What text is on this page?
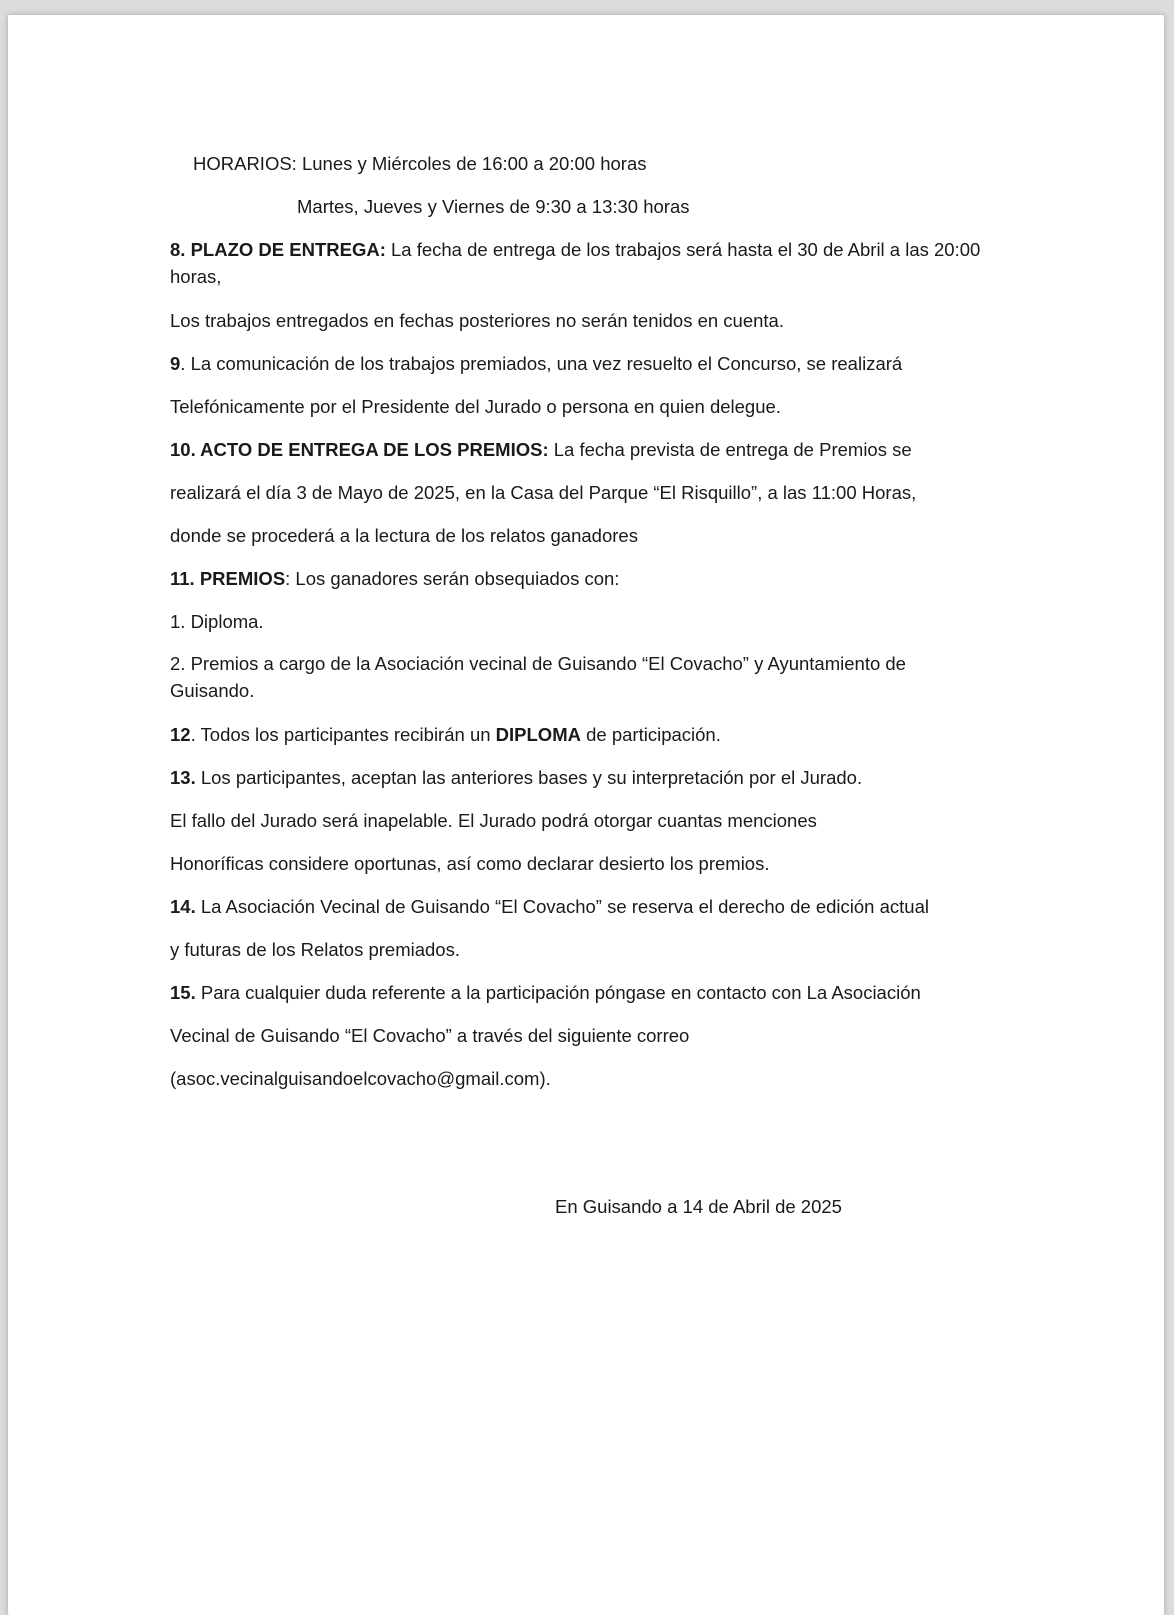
HORARIOS: Lunes y Miércoles de 16:00 a 20:00 horas
Martes, Jueves y Viernes de 9:30 a 13:30 horas
8. PLAZO DE ENTREGA: La fecha de entrega de los trabajos será hasta el 30 de Abril a las 20:00
horas,
Los trabajos entregados en fechas posteriores no serán tenidos en cuenta.
9. La comunicación de los trabajos premiados, una vez resuelto el Concurso, se realizará
Telefónicamente por el Presidente del Jurado o persona en quien delegue.
10. ACTO DE ENTREGA DE LOS PREMIOS: La fecha prevista de entrega de Premios se
realizará el día 3 de Mayo de 2025, en la Casa del Parque “El Risquillo”, a las 11:00 Horas,
donde se procederá a la lectura de los relatos ganadores
11. PREMIOS: Los ganadores serán obsequiados con:
1. Diploma.
2. Premios a cargo de la Asociación vecinal de Guisando “El Covacho” y Ayuntamiento de
Guisando.
12. Todos los participantes recibirán un DIPLOMA de participación.
13. Los participantes, aceptan las anteriores bases y su interpretación por el Jurado.
El fallo del Jurado será inapelable. El Jurado podrá otorgar cuantas menciones
Honoríficas considere oportunas, así como declarar desierto los premios.
14. La Asociación Vecinal de Guisando “El Covacho” se reserva el derecho de edición actual
y futuras de los Relatos premiados.
15. Para cualquier duda referente a la participación póngase en contacto con La Asociación
Vecinal de Guisando “El Covacho” a través del siguiente correo
(asoc.vecinalguisandoelcovacho@gmail.com).
En Guisando a 14 de Abril de 2025
